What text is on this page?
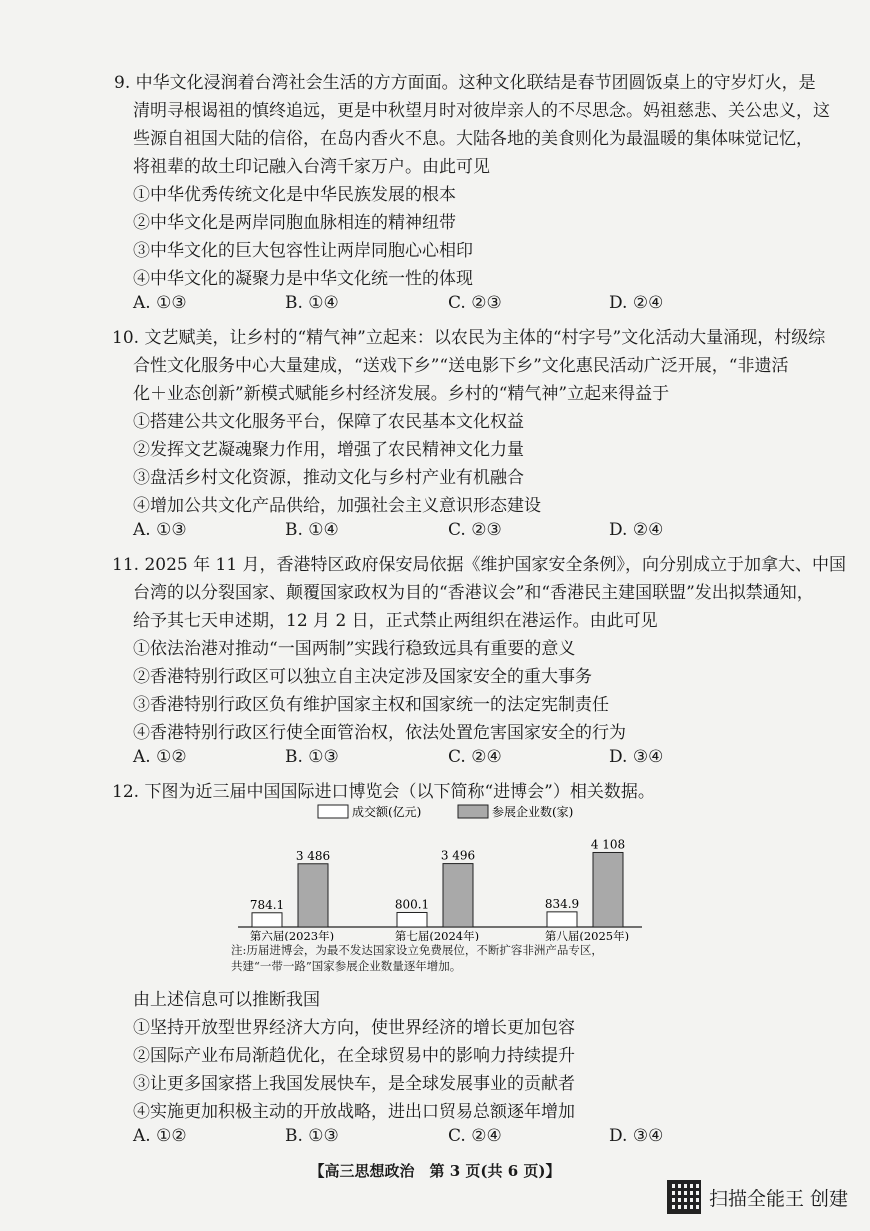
9. 中华文化浸润着台湾社会生活的方方面面。这种文化联结是春节团圆饭桌上的守岁灯火，是
清明寻根谒祖的慎终追远，更是中秋望月时对彼岸亲人的不尽思念。妈祖慈悲、关公忠义，这
些源自祖国大陆的信俗，在岛内香火不息。大陆各地的美食则化为最温暖的集体味觉记忆，
将祖辈的故土印记融入台湾千家万户。由此可见
①中华优秀传统文化是中华民族发展的根本
②中华文化是两岸同胞血脉相连的精神纽带
③中华文化的巨大包容性让两岸同胞心心相印
④中华文化的凝聚力是中华文化统一性的体现
A. ①③	B. ①④	C. ②③	D. ②④
10. 文艺赋美，让乡村的“精气神”立起来：以农民为主体的“村字号”文化活动大量涌现，村级综
合性文化服务中心大量建成，“送戏下乡”“送电影下乡”文化惠民活动广泛开展，“非遗活
化＋业态创新”新模式赋能乡村经济发展。乡村的“精气神”立起来得益于
①搭建公共文化服务平台，保障了农民基本文化权益
②发挥文艺凝魂聚力作用，增强了农民精神文化力量
③盘活乡村文化资源，推动文化与乡村产业有机融合
④增加公共文化产品供给，加强社会主义意识形态建设
A. ①③	B. ①④	C. ②③	D. ②④
11. 2025 年 11 月，香港特区政府保安局依据《维护国家安全条例》，向分别成立于加拿大、中国
台湾的以分裂国家、颠覆国家政权为目的“香港议会”和“香港民主建国联盟”发出拟禁通知，
给予其七天申述期，12 月 2 日，正式禁止两组织在港运作。由此可见
①依法治港对推动“一国两制”实践行稳致远具有重要的意义
②香港特别行政区可以独立自主决定涉及国家安全的重大事务
③香港特别行政区负有维护国家主权和国家统一的法定宪制责任
④香港特别行政区行使全面管治权，依法处置危害国家安全的行为
A. ①②	B. ①③	C. ②④	D. ③④
12. 下图为近三届中国国际进口博览会（以下简称“进博会”）相关数据。
成交额(亿元)	参展企业数(家)
784.1
3 486
第六届(2023年)
800.1
3 496
第七届(2024年)
834.9
4 108
第八届(2025年)
注:历届进博会，为最不发达国家设立免费展位，不断扩容非洲产品专区，
共建“一带一路”国家参展企业数量逐年增加。
由上述信息可以推断我国
①坚持开放型世界经济大方向，使世界经济的增长更加包容
②国际产业布局渐趋优化，在全球贸易中的影响力持续提升
③让更多国家搭上我国发展快车，是全球发展事业的贡献者
④实施更加积极主动的开放战略，进出口贸易总额逐年增加
A. ①②	B. ①③	C. ②④	D. ③④
【高三思想政治　第 3 页(共 6 页)】
扫描全能王 创建
